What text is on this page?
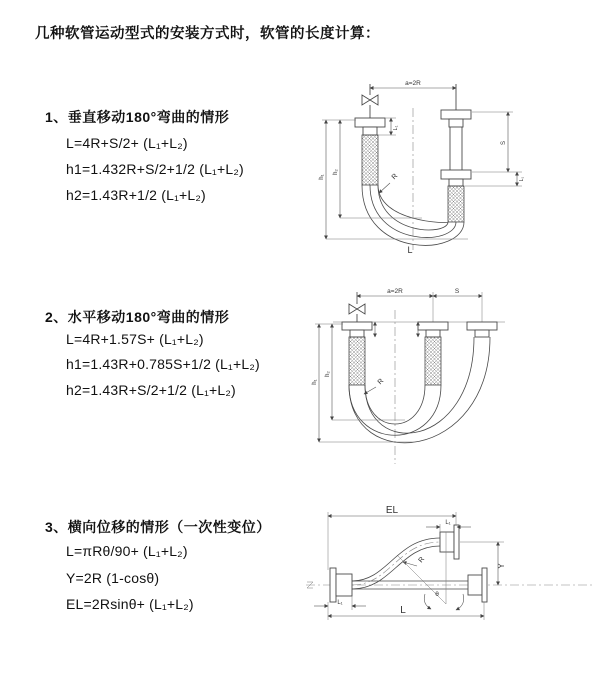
几种软管运动型式的安装方式时，软管的长度计算：
1、垂直移动180°弯曲的情形
L=4R+S/2+ (L₁+L₂)
h1=1.432R+S/2+1/2 (L₁+L₂)
h2=1.43R+1/2 (L₁+L₂)
2、水平移动180°弯曲的情形
L=4R+1.57S+ (L₁+L₂)
h1=1.43R+0.785S+1/2 (L₁+L₂)
h2=1.43R+S/2+1/2 (L₁+L₂)
3、横向位移的情形（一次性变位）
L=πRθ/90+ (L₁+L₂)
Y=2R (1-cosθ)
EL=2Rsinθ+ (L₁+L₂)
a=2R
h₁
h₂
L₁
S
L₁
R
L
a=2R	S
h₁
h₂
R
EL
L₁
Y
L
L₁
R
θ
